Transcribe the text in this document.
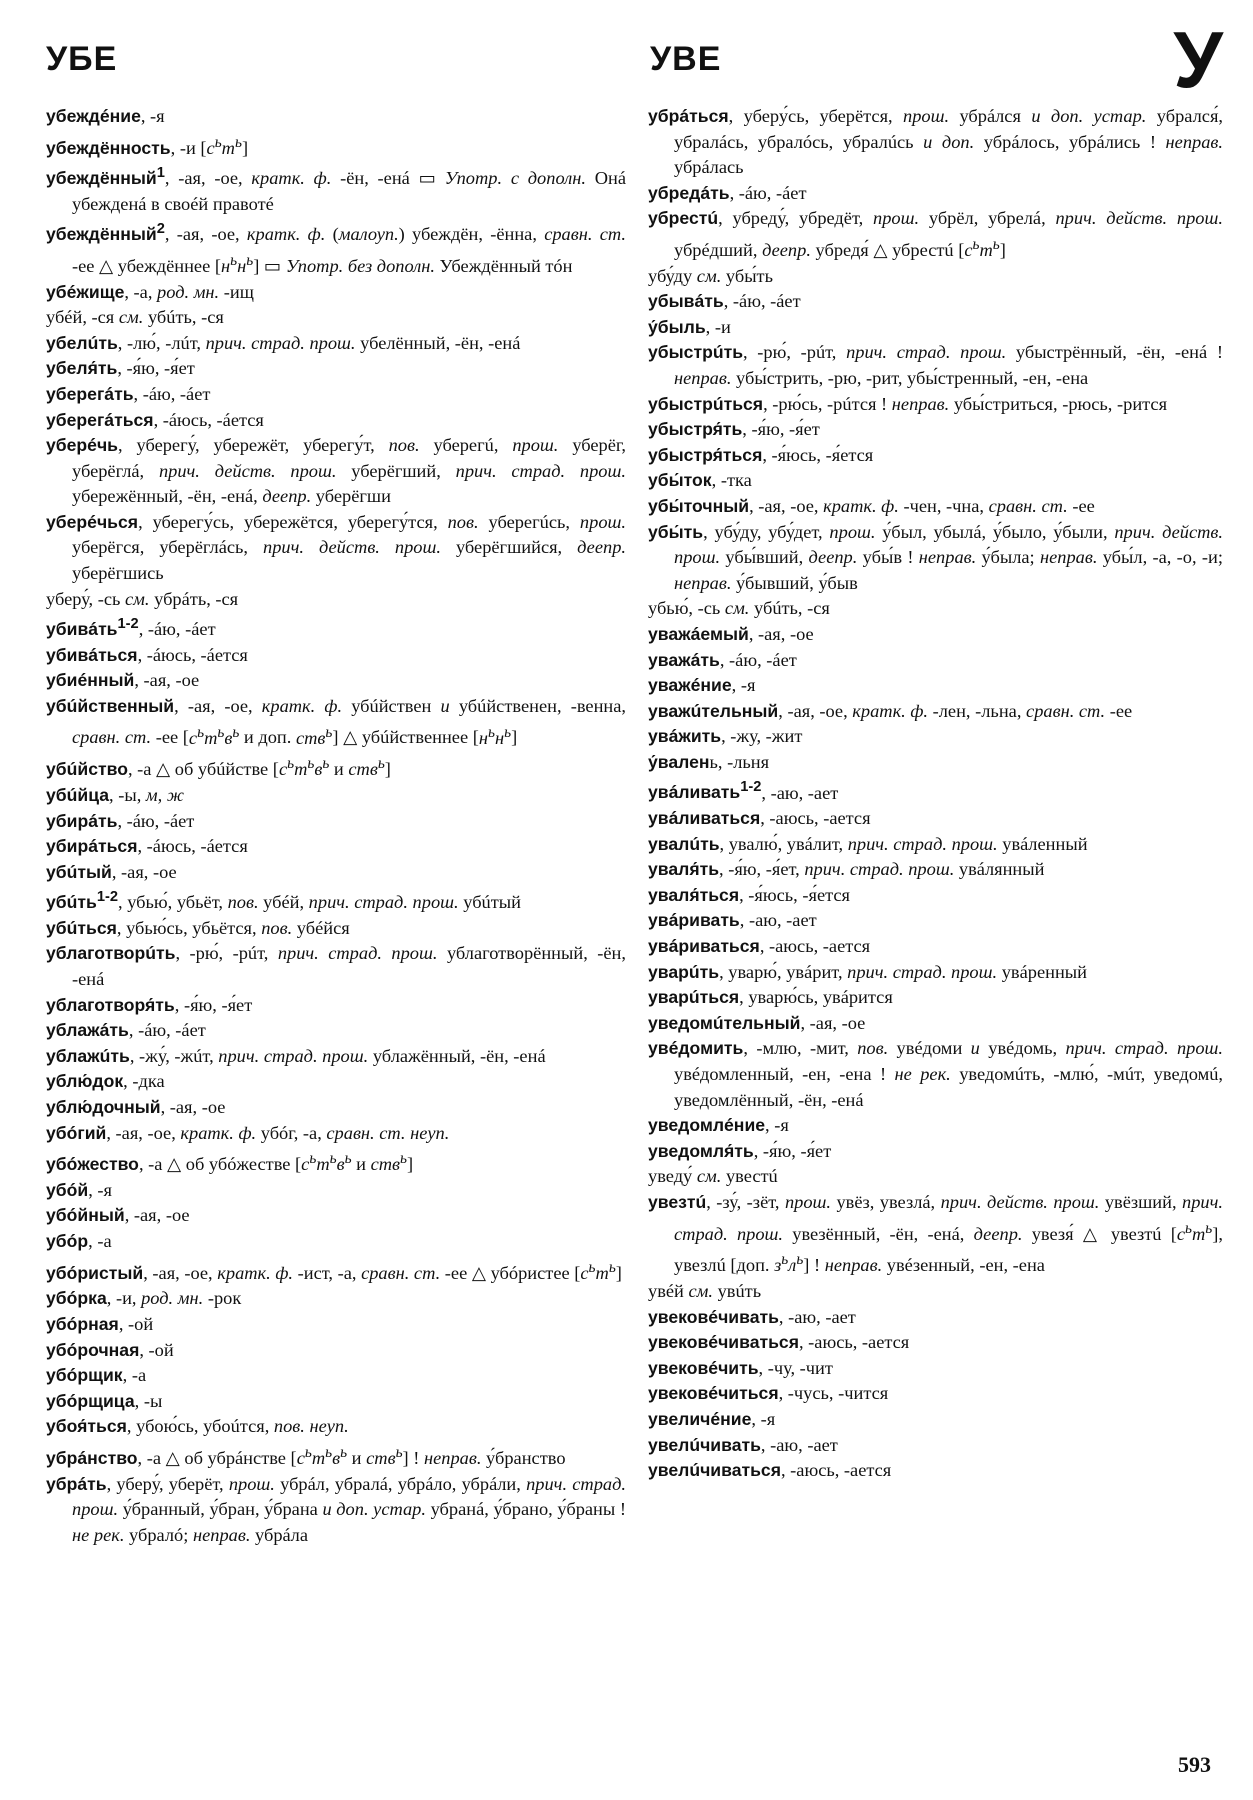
УБЕ	УВЕ	У
убеждéние, -я
убеждённость, -и $[с^ьт^ь]$
убеждённый$^1$, -ая, -ое, кратк. ф. -ён, -енá ▭ Употр. с дополн. Онá убежденá в своéй правотé
убеждённый$^2$, -ая, -ое, кратк. ф. (малоуп.) убеждён, -ённа, сравн. ст. -ее △ убеждённее $[н^ьн^ь]$ ▭ Употр. без дополн. Убеждённый тóн
убéжище, -а, род. мн. -ищ
убéй, -ся см. убúть, -ся
убелúть, -лю́, -лúт, прич. страд. прош. убелённый, -ён, -енá
убеля́ть, -я́ю, -я́ет
уберегáть, -áю, -áет
уберегáться, -áюсь, -áется
уберéчь, уберегу́, убережёт, уберегу́т, пов. уберегú, прош. уберёг, уберёглá, прич. действ. прош. уберёгший, прич. страд. прош. убережённый, -ён, -енá, деепр. уберёгши
уберéчься, уберегу́сь, убережётся, уберегу́тся, пов. уберегúсь, прош. уберёгся, уберёглáсь, прич. действ. прош. уберёгшийся, деепр. уберёгшись
уберу́, -сь см. убрáть, -ся
убивáть$^{1-2}$, -áю, -áет
убивáться, -áюсь, -áется
убиéнный, -ая, -ое
убúйственный, -ая, -ое, кратк. ф. убúйствен и убúйственен, -венна, сравн. ст. -ее [$с^ьт^ьв^ь$ и доп. ств$^ь$] △ убúйственнее $[н^ьн^ь]$
убúйство, -а △ об убúйстве [$с^ьт^ьв^ь$ и ств$^ь$]
убúйца, -ы, м, ж
убирáть, -áю, -áет
убирáться, -áюсь, -áется
убúтый, -ая, -ое
убúть$^{1-2}$, убью́, убьёт, пов. убéй, прич. страд. прош. убúтый
убúться, убью́сь, убьётся, пов. убéйся
ублаготворúть, -рю́, -рúт, прич. страд. прош. ублаготворённый, -ён, -енá
ублаготворя́ть, -я́ю, -я́ет
ублажáть, -áю, -áет
ублажúть, -жу́, -жúт, прич. страд. прош. ублажённый, -ён, -енá
ублю́док, -дка
ублю́дочный, -ая, -ое
убóгий, -ая, -ое, кратк. ф. убóг, -а, сравн. ст. неуп.
убóжество, -а △ об убóжестве [$с^ьт^ьв^ь$ и ств$^ь$]
убóй, -я
убóйный, -ая, -ое
убóр, -а
убóристый, -ая, -ое, кратк. ф. -ист, -а, сравн. ст. -ее △ убóристее $[с^ьт^ь]$
убóрка, -и, род. мн. -рок
убóрная, -ой
убóрочная, -ой
убóрщик, -а
убóрщица, -ы
убоя́ться, убою́сь, убоúтся, пов. неуп.
убрáнство, -а △ об убрáнстве [$с^ьт^ьв^ь$ и ств$^ь$] ! неправ. у́бранство
убрáть, уберу́, уберёт, прош. убрáл, убралá, убрáло, убрáли, прич. страд. прош. у́бранный, у́бран, у́брана и доп. устар. убранá, у́брано, у́браны ! не рек. убралó; неправ. убрáла
убрáться, уберу́сь, уберётся, прош. убрáлся и доп. устар. убрался́, убралáсь, убралóсь, убралúсь и доп. убрáлось, убрáлись ! неправ. убрáлась
убредáть, -áю, -áет
убрестú, убреду́, убредёт, прош. убрёл, убрелá, прич. действ. прош. убрéдший, деепр. убредя́ △ убрестú $[с^ьт^ь]$
убу́ду см. убы́ть
убывáть, -áю, -áет
у́быль, -и
убыстрúть, -рю́, -рúт, прич. страд. прош. убыстрённый, -ён, -енá ! неправ. убы́стрить, -рю, -рит, убы́стренный, -ен, -ена
убыстрúться, -рю́сь, -рúтся ! неправ. убы́стриться, -рюсь, -рится
убыстря́ть, -я́ю, -я́ет
убыстря́ться, -я́юсь, -я́ется
убы́ток, -тка
убы́точный, -ая, -ое, кратк. ф. -чен, -чна, сравн. ст. -ее
убы́ть, убу́ду, убу́дет, прош. у́был, убылá, у́было, у́были, прич. действ. прош. убы́вший, деепр. убы́в ! неправ. у́была; неправ. убы́л, -а, -о, -и; неправ. у́бывший, у́быв
убью́, -сь см. убúть, -ся
уважáемый, -ая, -ое
уважáть, -áю, -áет
уважéние, -я
уважúтельный, -ая, -ое, кратк. ф. -лен, -льна, сравн. ст. -ее
увáжить, -жу, -жит
у́валень, -льня
увáливать$^{1-2}$, -аю, -ает
увáливаться, -аюсь, -ается
увалúть, увалю́, увáлит, прич. страд. прош. увáленный
уваля́ть, -я́ю, -я́ет, прич. страд. прош. увáлянный
уваля́ться, -я́юсь, -я́ется
увáривать, -аю, -ает
увáриваться, -аюсь, -ается
уварúть, уварю́, увáрит, прич. страд. прош. увáренный
уварúться, уварю́сь, увáрится
уведомúтельный, -ая, -ое
увéдомить, -млю, -мит, пов. увéдоми и увéдомь, прич. страд. прош. увéдомленный, -ен, -ена ! не рек. уведомúть, -млю́, -мúт, уведомú, уведомлённый, -ён, -енá
уведомлéние, -я
уведомля́ть, -я́ю, -я́ет
уведу́ см. увестú
увезтú, -зу́, -зёт, прош. увёз, увезлá, прич. действ. прош. увёзший, прич. страд. прош. увезённый, -ён, -енá, деепр. увезя́ △ увезтú $[с^ьт^ь]$, увезлú [доп. $з^ьл^ь$] ! неправ. увéзенный, -ен, -ена
увéй см. увúть
увековéчивать, -аю, -ает
увековéчиваться, -аюсь, -ается
увековéчить, -чу, -чит
увековéчиться, -чусь, -чится
увеличéние, -я
увелúчивать, -аю, -ает
увелúчиваться, -аюсь, -ается
593
